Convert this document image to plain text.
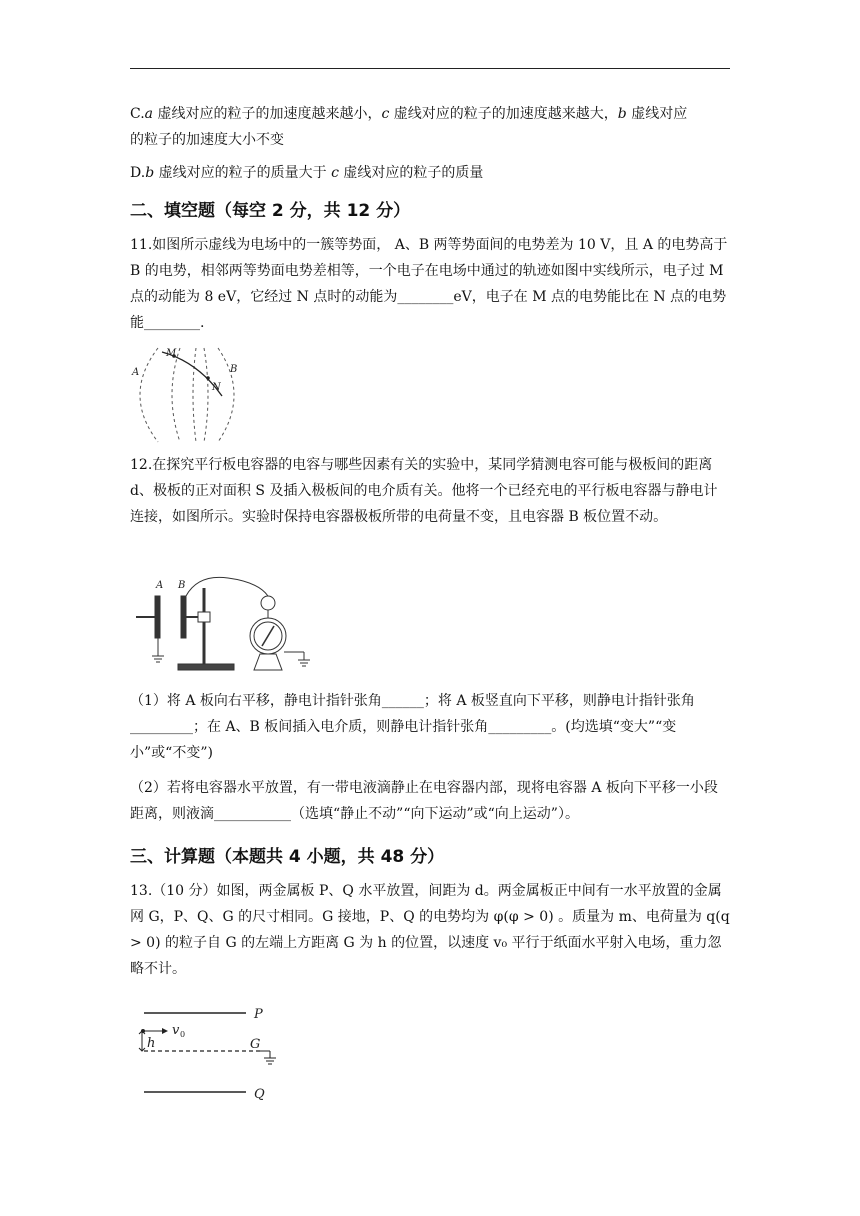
C.a 虚线对应的粒子的加速度越来越小，c 虚线对应的粒子的加速度越来越大，b 虚线对应
的粒子的加速度大小不变
D.b 虚线对应的粒子的质量大于 c 虚线对应的粒子的质量
二、填空题（每空 2 分，共 12 分）
11.如图所示虚线为电场中的一簇等势面， A、B 两等势面间的电势差为 10 V，且 A 的电势高于 B 的电势，相邻两等势面电势差相等，一个电子在电场中通过的轨迹如图中实线所示，电子过 M 点的动能为 8 eV，它经过 N 点时的动能为________eV，电子在 M 点的电势能比在 N 点的电势能________.
A	B
M
N
12.在探究平行板电容器的电容与哪些因素有关的实验中，某同学猜测电容可能与极板间的距离 d、极板的正对面积 S 及插入极板间的电介质有关。他将一个已经充电的平行板电容器与静电计连接，如图所示。实验时保持电容器极板所带的电荷量不变，且电容器 B 板位置不动。
A B
（1）将 A 板向右平移，静电计指针张角______；将 A 板竖直向下平移，则静电计指针张角_________；在 A、B 板间插入电介质，则静电计指针张角_________。(均选填“变大”“变小”或“不变”)
（2）若将电容器水平放置，有一带电液滴静止在电容器内部，现将电容器 A 板向下平移一小段距离，则液滴___________（选填“静止不动”“向下运动”或“向上运动”）。
三、计算题（本题共 4 小题，共 48 分）
13.（10 分）如图，两金属板 P、Q 水平放置，间距为 d。两金属板正中间有一水平放置的金属网 G，P、Q、G 的尺寸相同。G 接地，P、Q 的电势均为 φ(φ > 0) 。质量为 m、电荷量为 q(q > 0) 的粒子自 G 的左端上方距离 G 为 h 的位置，以速度 v₀ 平行于纸面水平射入电场，重力忽略不计。
P
G
Q
h
v 0
